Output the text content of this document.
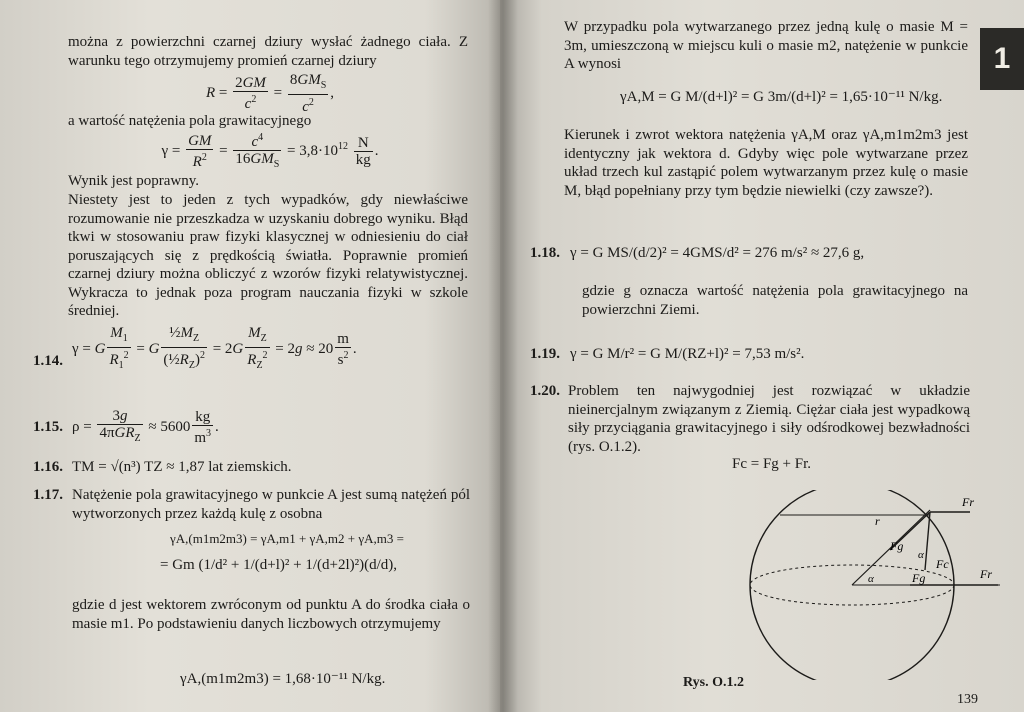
można z powierzchni czarnej dziury wysłać żadnego ciała. Z warunku tego otrzymujemy promień czarnej dziury
$R = \frac{2GM}{c^2} = \frac{8GM_S}{c^2}$ ,
a wartość natężenia pola grawitacyjnego
$\gamma = \frac{GM}{R^2} = \frac{c^4}{16GM_S} = 3,8\cdot 10^{12} \frac{N}{kg}$ .
Wynik jest poprawny.
Niestety jest to jeden z tych wypadków, gdy niewłaściwe rozumowanie nie przeszkadza w uzyskaniu dobrego wyniku. Błąd tkwi w stosowaniu praw fizyki klasycznej w odniesieniu do ciał poruszających się z prędkością światła. Poprawnie promień czarnej dziury można obliczyć z wzorów fizyki relatywistycznej. Wykracza to jednak poza program nauczania fizyki w szkole średniej.
1.14.
γ = G $\frac{M_1}{R_1^2} = G \frac{\frac{1}{2}M_Z}{(\frac{1}{2}R_Z)^2} = 2G \frac{M_Z}{R_Z^2} = 2g \approx 20 \frac{m}{s^2}$ .
1.15. $\rho = \frac{3g}{4\pi GR_Z} \approx 5600 \frac{kg}{m^3}$ .
1.16. TM = √(n³) TZ ≈ 1,87 lat ziemskich.
1.17. Natężenie pola grawitacyjnego w punkcie A jest sumą natężeń pól wytworzonych przez każdą kulę z osobna
γA,(m1m2m3) = γA,m1 + γA,m2 + γA,m3 =
= Gm (1/d² + 1/(d+l)² + 1/(d+2l)²)(d/d),
gdzie d jest wektorem zwróconym od punktu A do środka ciała o masie m1. Po podstawieniu danych liczbowych otrzymujemy
γA,(m1m2m3) = 1,68·10⁻¹¹ N/kg.
W przypadku pola wytwarzanego przez jedną kulę o masie M = 3m, umieszczoną w miejscu kuli o masie m2, natężenie w punkcie A wynosi
γA,M = G M/(d+l)² = G 3m/(d+l)² = 1,65·10⁻¹¹ N/kg.
Kierunek i zwrot wektora natężenia γA,M oraz γA,m1m2m3 jest identyczny jak wektora d. Gdyby więc pole wytwarzane przez układ trzech kul zastąpić polem wytwarzanym przez kulę o masie M, błąd popełniany przy tym będzie niewielki (czy zawsze?).
1.18. γ = G MS/(d/2)² = 4GMS/d² = 276 m/s² ≈ 27,6 g,
gdzie g oznacza wartość natężenia pola grawitacyjnego na powierzchni Ziemi.
1.19. γ = G M/r² = G M/(RZ+l)² = 7,53 m/s².
1.20. Problem ten najwygodniej jest rozwiązać w układzie nieinercjalnym związanym z Ziemią. Ciężar ciała jest wypadkową siły przyciągania grawitacyjnego i siły odśrodkowej bezwładności (rys. O.1.2).
Fc = Fg + Fr.
r
Fr
Fg
α
Fc
Fg	Fr
α
Rys. O.1.2
1
139
